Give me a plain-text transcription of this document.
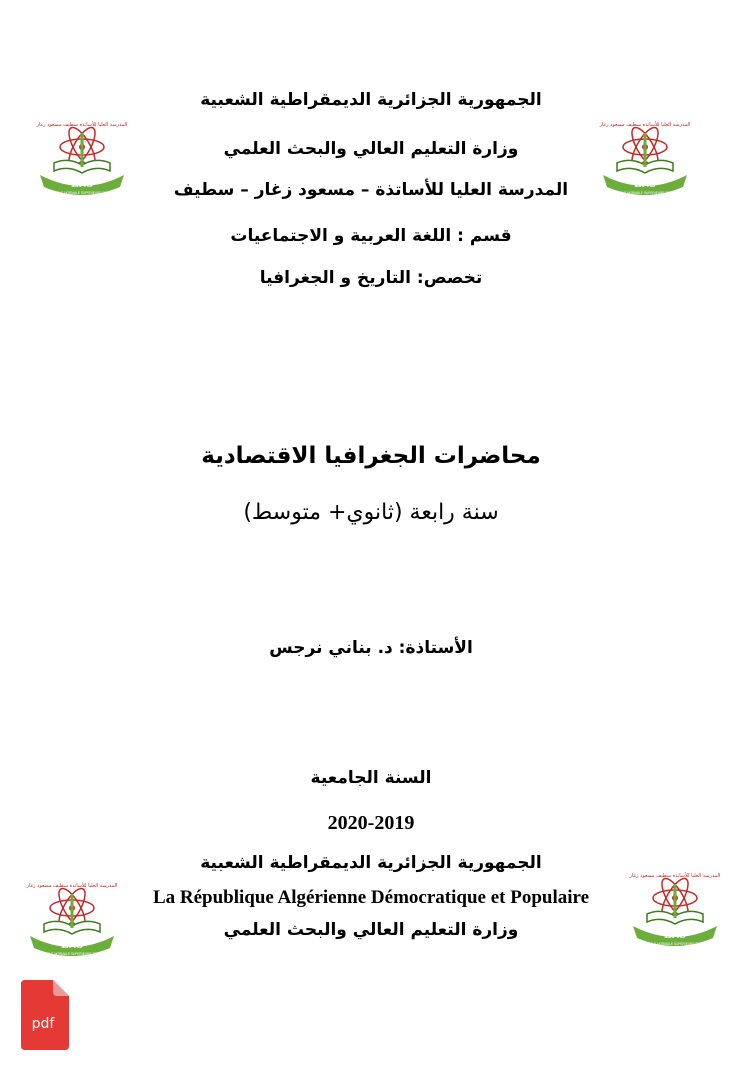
الجمهورية الجزائرية الديمقراطية الشعبية
وزارة التعليم العالي والبحث العلمي
المدرسة العليا للأساتذة – مسعود زغار – سطيف
قسم : اللغة العربية و الاجتماعيات
تخصص: التاريخ و الجغرافيا
محاضرات الجغرافيا الاقتصادية
سنة رابعة (ثانوي+ متوسط)
الأستاذة: د. بناني نرجس
السنة الجامعية
2020-2019
الجمهورية الجزائرية الديمقراطية الشعبية
La République Algérienne Démocratique et Populaire
وزارة التعليم العالي والبحث العلمي
ENS
ECOLE NORMALE SUPERIEURE SETIF
المدرسة العليا للأساتذة سطيف مسعود زغار
ENS
ECOLE NORMALE SUPERIEURE SETIF
المدرسة العليا للأساتذة سطيف مسعود زغار
ENS
ECOLE NORMALE SUPERIEURE SETIF
المدرسة العليا للأساتذة سطيف مسعود زغار
ENS
ECOLE NORMALE SUPERIEURE SETIF
المدرسة العليا للأساتذة سطيف مسعود زغار
pdf
